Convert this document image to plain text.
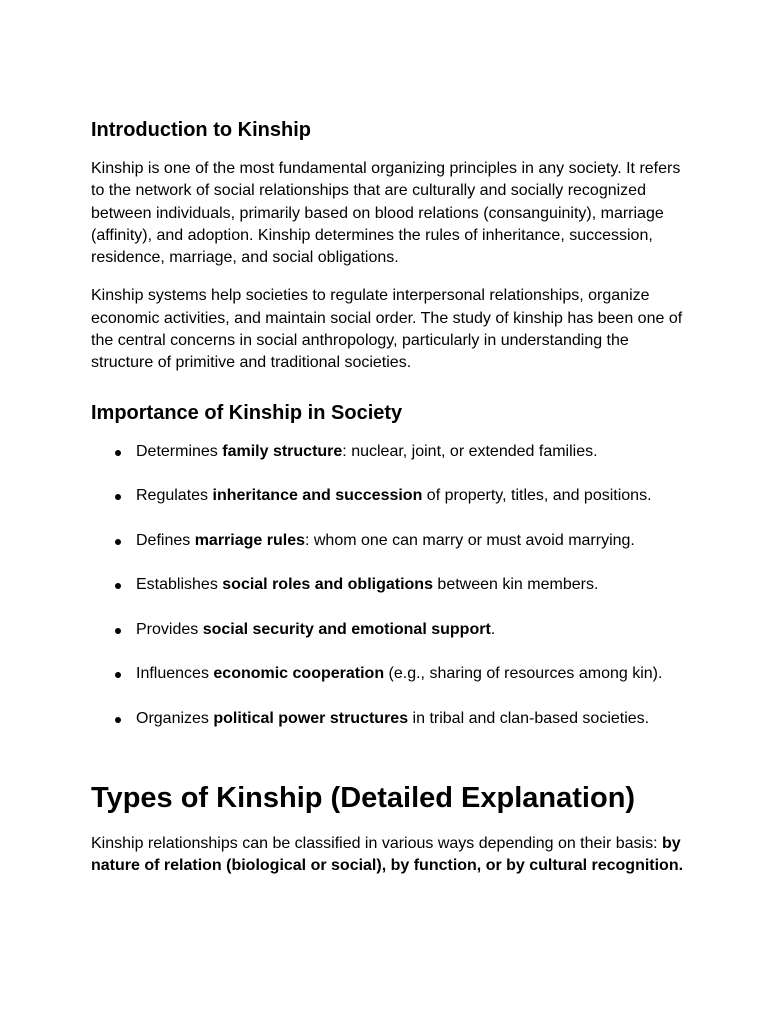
Introduction to Kinship

Kinship is one of the most fundamental organizing principles in any society. It refers to the network of social relationships that are culturally and socially recognized between individuals, primarily based on blood relations (consanguinity), marriage (affinity), and adoption. Kinship determines the rules of inheritance, succession, residence, marriage, and social obligations.

Kinship systems help societies to regulate interpersonal relationships, organize economic activities, and maintain social order. The study of kinship has been one of the central concerns in social anthropology, particularly in understanding the structure of primitive and traditional societies.

Importance of Kinship in Society
Determines family structure: nuclear, joint, or extended families.
Regulates inheritance and succession of property, titles, and positions.
Defines marriage rules: whom one can marry or must avoid marrying.
Establishes social roles and obligations between kin members.
Provides social security and emotional support.
Influences economic cooperation (e.g., sharing of resources among kin).
Organizes political power structures in tribal and clan-based societies.
Types of Kinship (Detailed Explanation)

Kinship relationships can be classified in various ways depending on their basis: by nature of relation (biological or social), by function, or by cultural recognition.
